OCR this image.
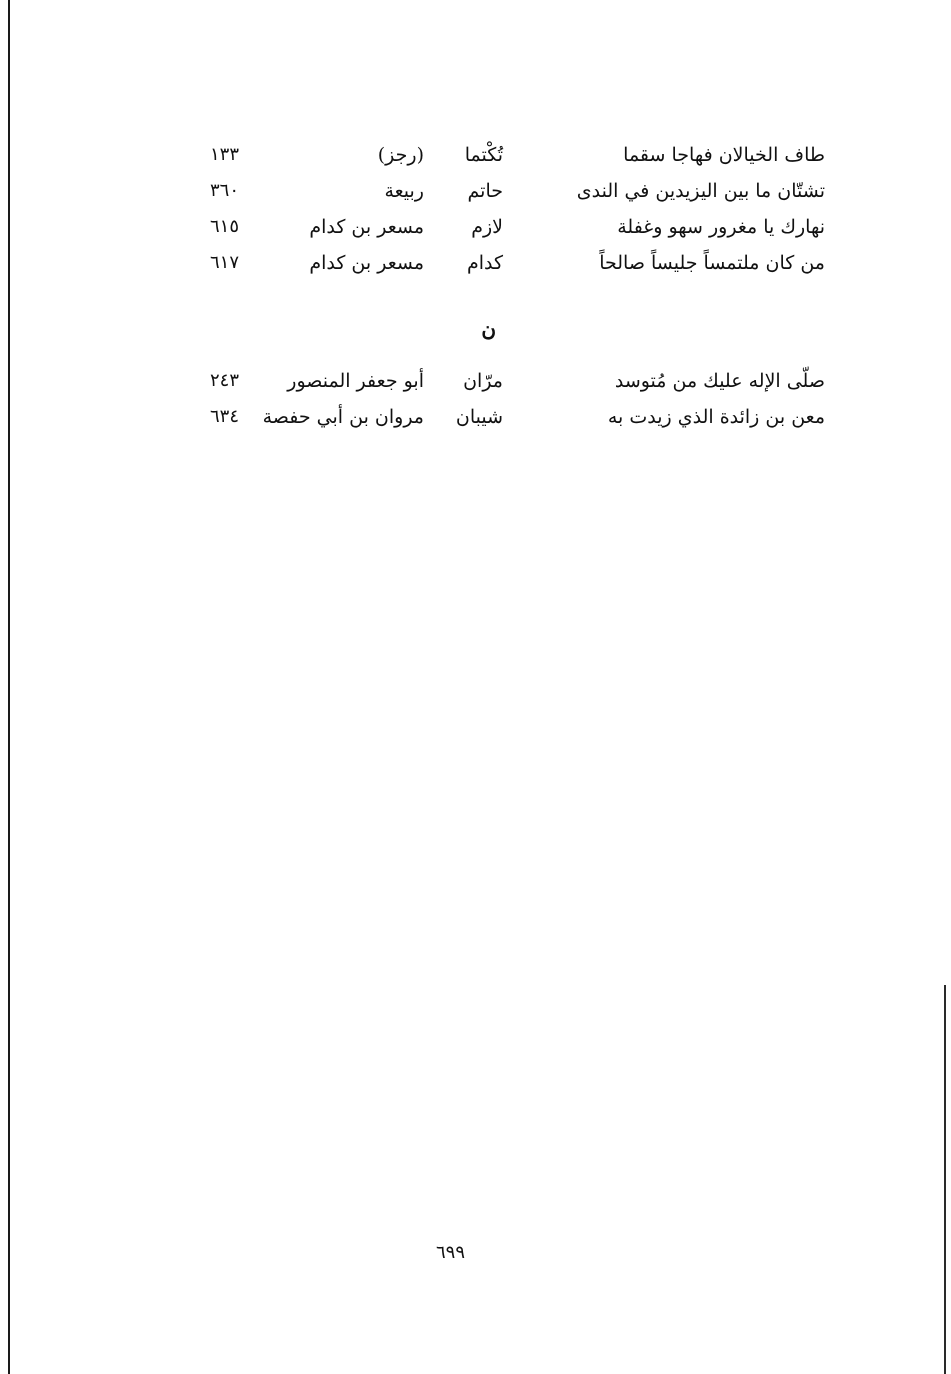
طاف الخيالان فهاجا سقما
تُكْتما
(رجز)
١٣٣
تشتّان ما بين اليزيدين في الندى
حاتم
ربيعة
٣٦٠
نهارك يا مغرور سهو وغفلة
لازم
مسعر بن كدام
٦١٥
من كان ملتمساً جليساً صالحاً
كدام
مسعر بن كدام
٦١٧
ن
صلّى الإله عليك من مُتوسد
مرّان
أبو جعفر المنصور
٢٤٣
معن بن زائدة الذي زيدت به
شيبان
مروان بن أبي حفصة
٦٣٤
٦٩٩
